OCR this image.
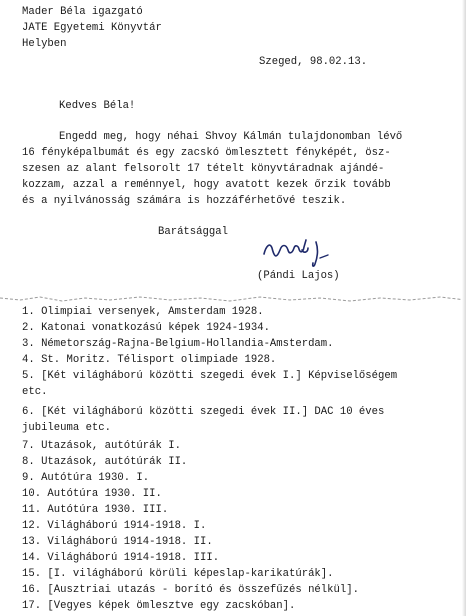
Mader Béla igazgató
JATE Egyetemi Könyvtár
Helyben
Szeged, 98.02.13.
Kedves Béla!
Engedd meg, hogy néhai Shvoy Kálmán tulajdonomban lévő
16 fényképalbumát és egy zacskó ömlesztett fényképét, ösz-
szesen az alant felsorolt 17 tételt könyvtáradnak ajándé-
kozzam, azzal a reménnyel, hogy avatott kezek őrzik tovább
és a nyilvánosság számára is hozzáférhetővé teszik.
Barátsággal
(Pándi Lajos)
1. Olimpiai versenyek, Amsterdam 1928.
2. Katonai vonatkozású képek 1924-1934.
3. Németország-Rajna-Belgium-Hollandia-Amsterdam.
4. St. Moritz. Télisport olimpiade 1928.
5. [Két világháború közötti szegedi évek I.] Képviselőségem
etc.
6. [Két világháború közötti szegedi évek II.] DAC 10 éves
jubileuma etc.
7. Utazások, autótúrák I.
8. Utazások, autótúrák II.
9. Autótúra 1930. I.
10. Autótúra 1930. II.
11. Autótúra 1930. III.
12. Világháború 1914-1918. I.
13. Világháború 1914-1918. II.
14. Világháború 1914-1918. III.
15. [I. világháború körüli képeslap-karikatúrák].
16. [Ausztriai utazás - borító és összefűzés nélkül].
17. [Vegyes képek ömlesztve egy zacskóban].
